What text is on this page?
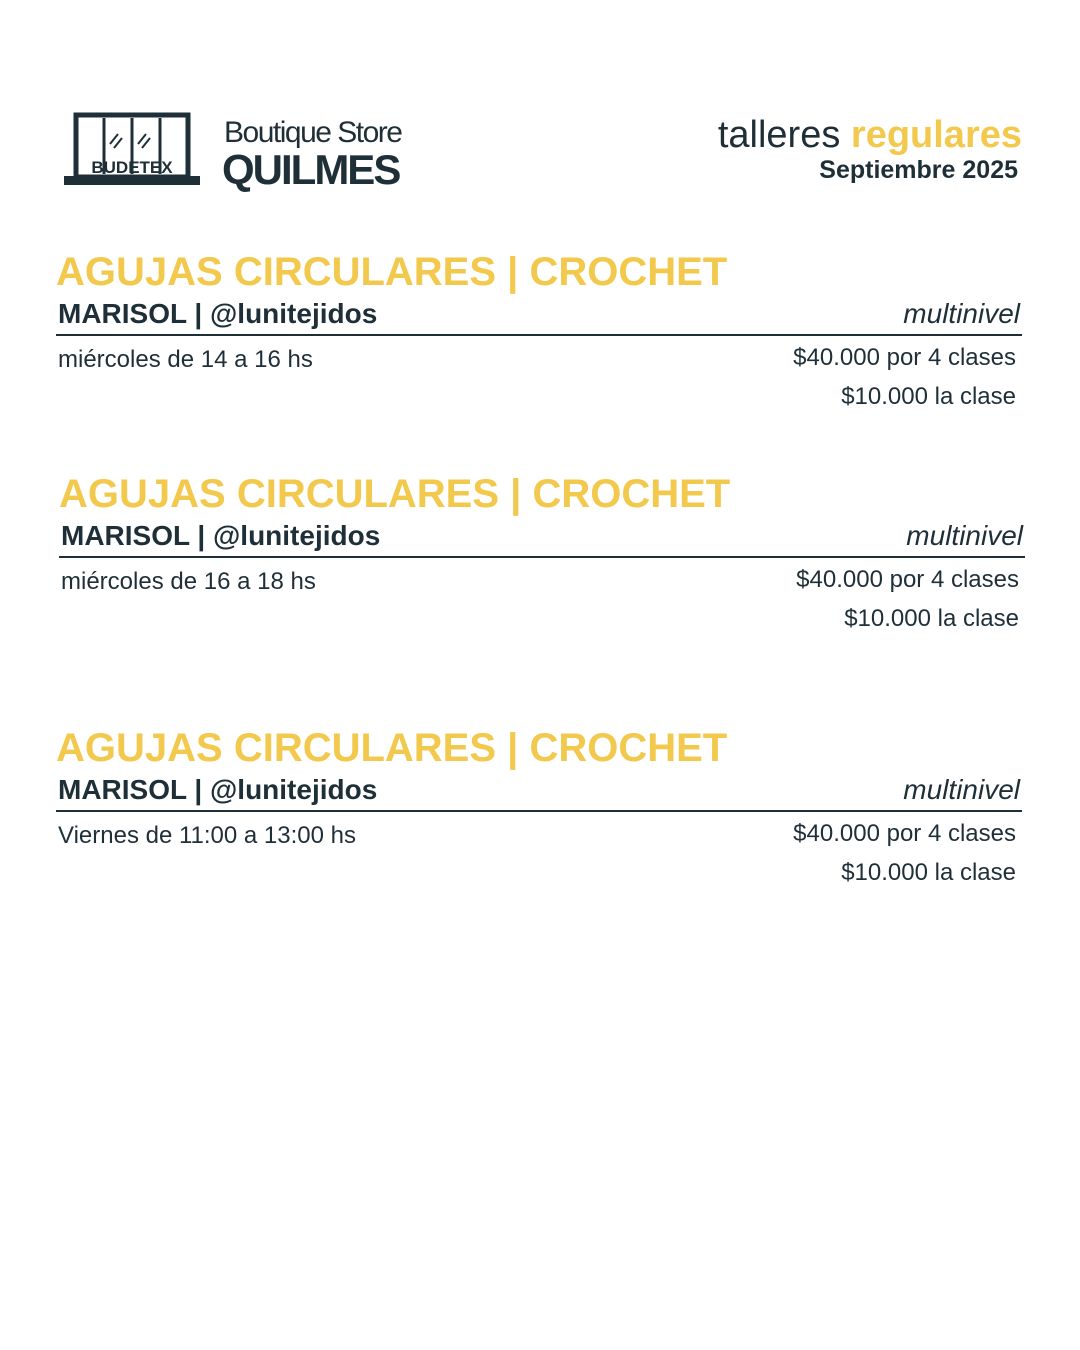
BUDETEX
Boutique Store
QUILMES
talleres regulares
Septiembre 2025
AGUJAS CIRCULARES | CROCHET
MARISOL | @lunitejidos	multinivel
miércoles de 14 a 16 hs	$40.000 por 4 clases
$10.000 la clase
AGUJAS CIRCULARES | CROCHET
MARISOL | @lunitejidos	multinivel
miércoles de 16 a 18 hs	$40.000 por 4 clases
$10.000 la clase
AGUJAS CIRCULARES | CROCHET
MARISOL | @lunitejidos	multinivel
Viernes de 11:00 a 13:00 hs	$40.000 por 4 clases
$10.000 la clase
